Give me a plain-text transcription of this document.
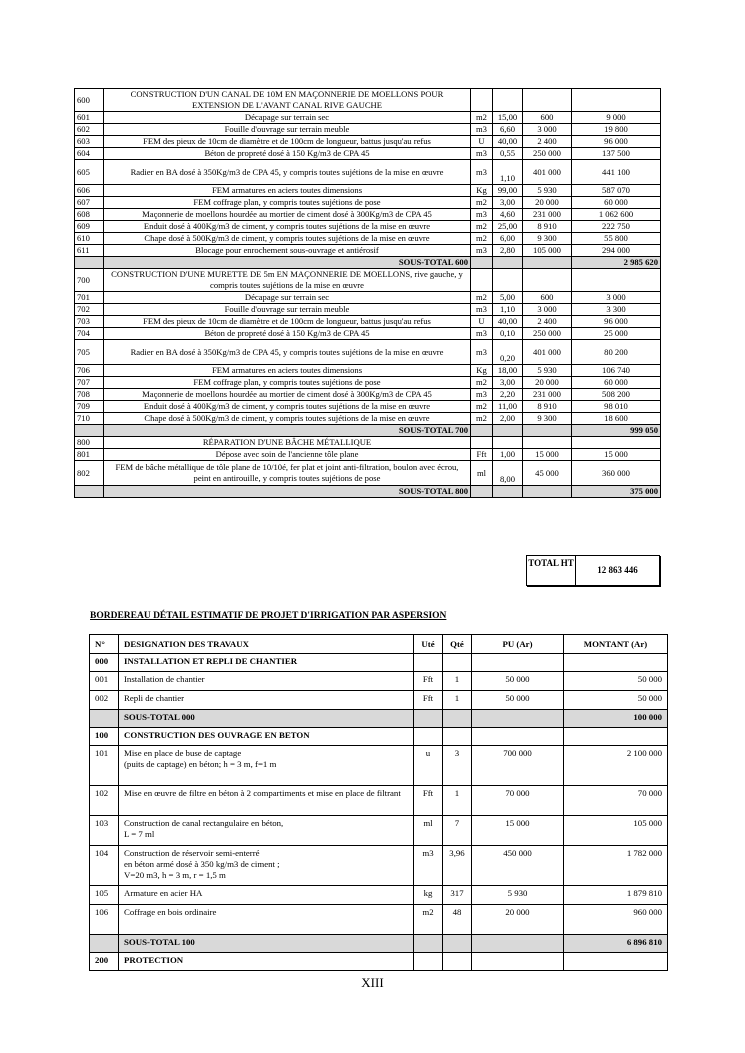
600	CONSTRUCTION D'UN CANAL DE 10M EN MAÇONNERIE DE MOELLONS POUR EXTENSION DE L'AVANT CANAL RIVE GAUCHE				
601	Décapage sur terrain sec	m2	15,00	600	9 000
602	Fouille d'ouvrage sur terrain meuble	m3	6,60	3 000	19 800
603	FEM des pieux de 10cm de diamètre et de 100cm de longueur, battus jusqu'au refus	U	40,00	2 400	96 000
604	Béton de propreté dosé à 150 Kg/m3 de CPA 45	m3	0,55	250 000	137 500
605	Radier en BA dosé à 350Kg/m3 de CPA 45, y compris toutes sujétions de la mise en œuvre	m3	1,10	401 000	441 100
606	FEM armatures en aciers toutes dimensions	Kg	99,00	5 930	587 070
607	FEM coffrage plan, y compris toutes sujétions de pose	m2	3,00	20 000	60 000
608	Maçonnerie de moellons hourdée au mortier de ciment dosé à 300Kg/m3 de CPA 45	m3	4,60	231 000	1 062 600
609	Enduit dosé à 400Kg/m3 de ciment, y compris toutes sujétions de la mise en œuvre	m2	25,00	8 910	222 750
610	Chape dosé à 500Kg/m3 de ciment, y compris toutes sujétions de la mise en œuvre	m2	6,00	9 300	55 800
611	Blocage pour enrochement sous-ouvrage et antiérosif	m3	2,80	105 000	294 000
	SOUS-TOTAL 600				2 985 620
700	CONSTRUCTION D'UNE MURETTE DE 5m EN MAÇONNERIE DE MOELLONS, rive gauche, y compris toutes sujétions de la mise en œuvre				
701	Décapage sur terrain sec	m2	5,00	600	3 000
702	Fouille d'ouvrage sur terrain meuble	m3	1,10	3 000	3 300
703	FEM des pieux de 10cm de diamètre et de 100cm de longueur, battus jusqu'au refus	U	40,00	2 400	96 000
704	Béton de propreté dosé à 150 Kg/m3 de CPA 45	m3	0,10	250 000	25 000
705	Radier en BA dosé à 350Kg/m3 de CPA 45, y compris toutes sujétions de la mise en œuvre	m3	0,20	401 000	80 200
706	FEM armatures en aciers toutes dimensions	Kg	18,00	5 930	106 740
707	FEM coffrage plan, y compris toutes sujétions de pose	m2	3,00	20 000	60 000
708	Maçonnerie de moellons hourdée au mortier de ciment dosé à 300Kg/m3 de CPA 45	m3	2,20	231 000	508 200
709	Enduit dosé à 400Kg/m3 de ciment, y compris toutes sujétions de la mise en œuvre	m2	11,00	8 910	98 010
710	Chape dosé à 500Kg/m3 de ciment, y compris toutes sujétions de la mise en œuvre	m2	2,00	9 300	18 600
	SOUS-TOTAL 700				999 050
800	RÉPARATION D'UNE BÂCHE MÉTALLIQUE				
801	Dépose avec soin de l'ancienne tôle plane	Fft	1,00	15 000	15 000
802	FEM de bâche métallique de tôle plane de 10/10é, fer plat et joint anti-filtration, boulon avec écrou, peint en antirouille, y compris toutes sujétions de pose	ml	8,00	45 000	360 000
	SOUS-TOTAL 800				375 000
TOTAL HT
12 863 446
BORDEREAU DÉTAIL ESTIMATIF DE PROJET D'IRRIGATION PAR ASPERSION
N°	DESIGNATION DES TRAVAUX	Uté	Qté	PU (Ar)	MONTANT (Ar)
000	INSTALLATION ET REPLI DE CHANTIER				
001	Installation de chantier	Fft	1	50 000	50 000
002	Repli de chantier	Fft	1	50 000	50 000
	SOUS-TOTAL 000				100 000
100	CONSTRUCTION DES OUVRAGE EN BETON				
101	Mise en place de buse de captage
(puits de captage) en béton; h = 3 m, f=1 m	u	3	700 000	2 100 000
102	Mise en œuvre de filtre en béton à 2 compartiments et mise en place de filtrant	Fft	1	70 000	70 000
103	Construction de canal rectangulaire en béton,
L = 7 ml	ml	7	15 000	105 000
104	Construction de réservoir semi-enterré
en béton armé dosé à 350 kg/m3 de ciment ;
V=20 m3, h = 3 m, r = 1,5 m	m3	3,96	450 000	1 782 000
105	Armature en acier HA	kg	317	5 930	1 879 810
106	Coffrage en bois ordinaire	m2	48	20 000	960 000
	SOUS-TOTAL 100				6 896 810
200	PROTECTION				
XIII
